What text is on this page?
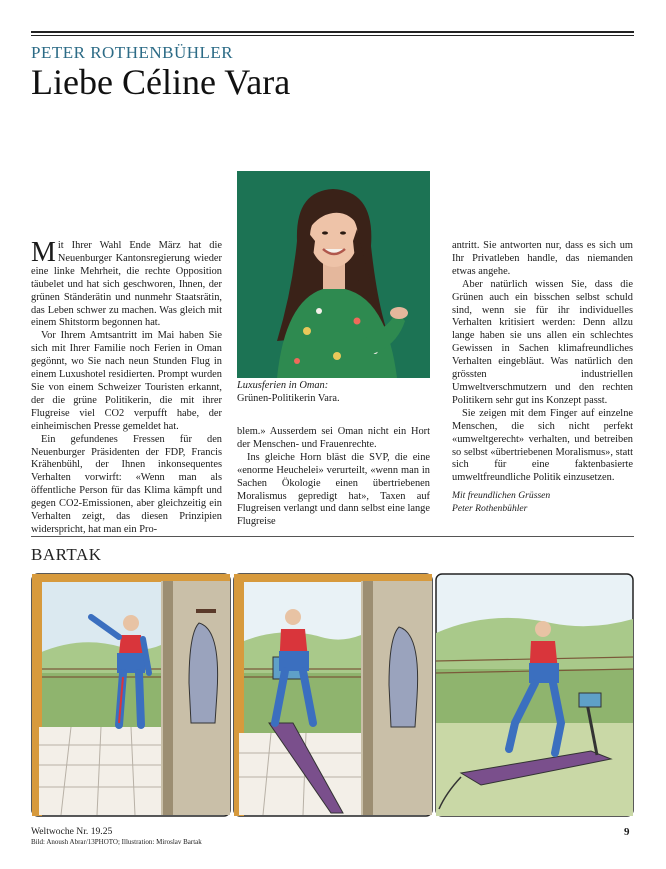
PETER ROTHENBÜHLER
Liebe Céline Vara
Luxusferien in Oman:
Grünen-Politikerin Vara.

Mit Ihrer Wahl Ende März hat die Neuenburger Kantonsregierung wieder eine linke Mehrheit, die rechte Opposition täubelet und hat sich geschworen, Ihnen, der grünen Ständerätin und nunmehr Staatsrätin, das Leben schwer zu machen. Was gleich mit einem Shitstorm begonnen hat.

Vor Ihrem Amtsantritt im Mai haben Sie sich mit Ihrer Familie noch Ferien in Oman gegönnt, wo Sie nach neun Stunden Flug in einem Luxushotel residierten. Prompt wurden Sie von einem Schweizer Touristen erkannt, der die grüne Politikerin, die mit ihrer Flugreise viel CO2 verpufft habe, der einheimischen Presse gemeldet hat.

Ein gefundenes Fressen für den Neuenburger Präsidenten der FDP, Francis Krähenbühl, der Ihnen inkonsequentes Verhalten vorwirft: «Wenn man als öffentliche Person für das Klima kämpft und gegen CO2-Emissionen, aber gleichzeitig ein Verhalten zeigt, das diesen Prinzipien widerspricht, hat man ein Pro-

blem.» Ausserdem sei Oman nicht ein Hort der Menschen- und Frauenrechte.

Ins gleiche Horn bläst die SVP, die eine «enorme Heuchelei» verurteilt, «wenn man in Sachen Ökologie einen übertriebenen Moralismus gepredigt hat», Taxen auf Flugreisen verlangt und dann selbst eine lange Flugreise

antritt. Sie antworten nur, dass es sich um Ihr Privatleben handle, das niemanden etwas angehe.

Aber natürlich wissen Sie, dass die Grünen auch ein bisschen selbst schuld sind, wenn sie für ihr individuelles Verhalten kritisiert werden: Denn allzu lange haben sie uns allen ein schlechtes Gewissen in Sachen klimafreundliches Verhalten eingebläut. Was natürlich den grössten industriellen Umweltverschmutzern und den rechten Politikern sehr gut ins Konzept passt.

Sie zeigen mit dem Finger auf einzelne Menschen, die sich nicht perfekt «umweltgerecht» verhalten, und betreiben so selbst «übertriebenen Moralismus», statt sich für eine faktenbasierte umweltfreundliche Politik einzusetzen.

Mit freundlichen Grüssen
Peter Rothenbühler
BARTAK
Weltwoche Nr. 19.25
Bild: Anoush Abrar/13PHOTO; Illustration: Miroslav Bartak
9
